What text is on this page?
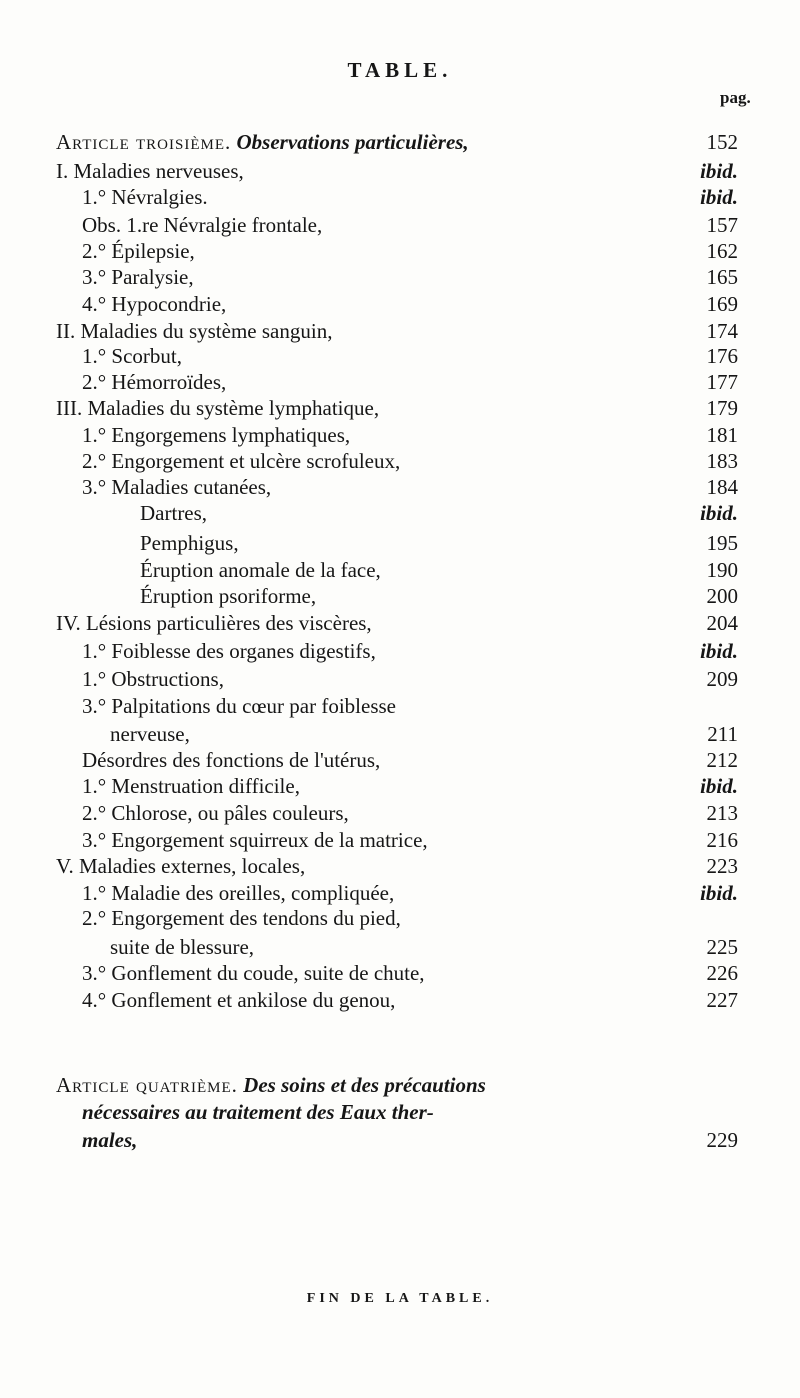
TABLE.
pag.
Article troisième. Observations particulières,	152
I. Maladies nerveuses,	ibid.
1.° Névralgies.	ibid.
Obs. 1.re Névralgie frontale,	157
2.° Épilepsie,	162
3.° Paralysie,	165
4.° Hypocondrie,	169
II. Maladies du système sanguin,	174
1.° Scorbut,	176
2.° Hémorroïdes,	177
III. Maladies du système lymphatique,	179
1.° Engorgemens lymphatiques,	181
2.° Engorgement et ulcère scrofuleux,	183
3.° Maladies cutanées,	184
Dartres,	ibid.
Pemphigus,	195
Éruption anomale de la face,	190
Éruption psoriforme,	200
IV. Lésions particulières des viscères,	204
1.° Foiblesse des organes digestifs,	ibid.
1.° Obstructions,	209
3.° Palpitations du cœur par foiblesse
nerveuse,	211
Désordres des fonctions de l'utérus,	212
1.° Menstruation difficile,	ibid.
2.° Chlorose, ou pâles couleurs,	213
3.° Engorgement squirreux de la matrice,	216
V. Maladies externes, locales,	223
1.° Maladie des oreilles, compliquée,	ibid.
2.° Engorgement des tendons du pied,
suite de blessure,	225
3.° Gonflement du coude, suite de chute,	226
4.° Gonflement et ankilose du genou,	227
Article quatrième. Des soins et des précautions
nécessaires au traitement des Eaux ther-
males,	229
FIN DE LA TABLE.
